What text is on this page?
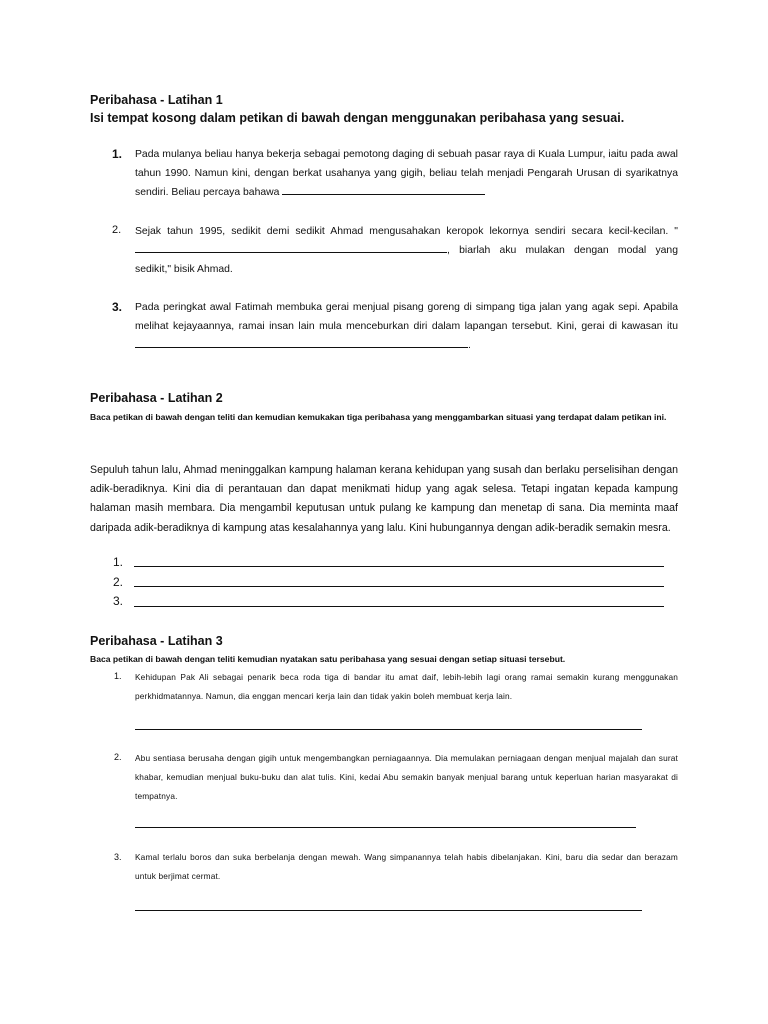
Peribahasa - Latihan 1
Isi tempat kosong dalam petikan di bawah dengan menggunakan peribahasa yang sesuai.
1. Pada mulanya beliau hanya bekerja sebagai pemotong daging di sebuah pasar raya di Kuala Lumpur, iaitu pada awal tahun 1990. Namun kini, dengan berkat usahanya yang gigih, beliau telah menjadi Pengarah Urusan di syarikatnya sendiri. Beliau percaya bahawa
2. Sejak tahun 1995, sedikit demi sedikit Ahmad mengusahakan keropok lekornya sendiri secara kecil-kecilan. ", biarlah aku mulakan dengan modal yang sedikit," bisik Ahmad.
3. Pada peringkat awal Fatimah membuka gerai menjual pisang goreng di simpang tiga jalan yang agak sepi. Apabila melihat kejayaannya, ramai insan lain mula menceburkan diri dalam lapangan tersebut. Kini, gerai di kawasan itu .
Peribahasa - Latihan 2
Baca petikan di bawah dengan teliti dan kemudian kemukakan tiga peribahasa yang menggambarkan situasi yang terdapat dalam petikan ini.
Sepuluh tahun lalu, Ahmad meninggalkan kampung halaman kerana kehidupan yang susah dan berlaku perselisihan dengan adik-beradiknya. Kini dia di perantauan dan dapat menikmati hidup yang agak selesa. Tetapi ingatan kepada kampung halaman masih membara. Dia mengambil keputusan untuk pulang ke kampung dan menetap di sana. Dia meminta maaf daripada adik-beradiknya di kampung atas kesalahannya yang lalu. Kini hubungannya dengan adik-beradik semakin mesra.
1.
2.
3.
Peribahasa - Latihan 3
Baca petikan di bawah dengan teliti kemudian nyatakan satu peribahasa yang sesuai dengan setiap situasi tersebut.
1. Kehidupan Pak Ali sebagai penarik beca roda tiga di bandar itu amat daif, lebih-lebih lagi orang ramai semakin kurang menggunakan perkhidmatannya. Namun, dia enggan mencari kerja lain dan tidak yakin boleh membuat kerja lain.
2. Abu sentiasa berusaha dengan gigih untuk mengembangkan perniagaannya. Dia memulakan perniagaan dengan menjual majalah dan surat khabar, kemudian menjual buku-buku dan alat tulis. Kini, kedai Abu semakin banyak menjual barang untuk keperluan harian masyarakat di tempatnya.
3. Kamal terlalu boros dan suka berbelanja dengan mewah. Wang simpanannya telah habis dibelanjakan. Kini, baru dia sedar dan berazam untuk berjimat cermat.
